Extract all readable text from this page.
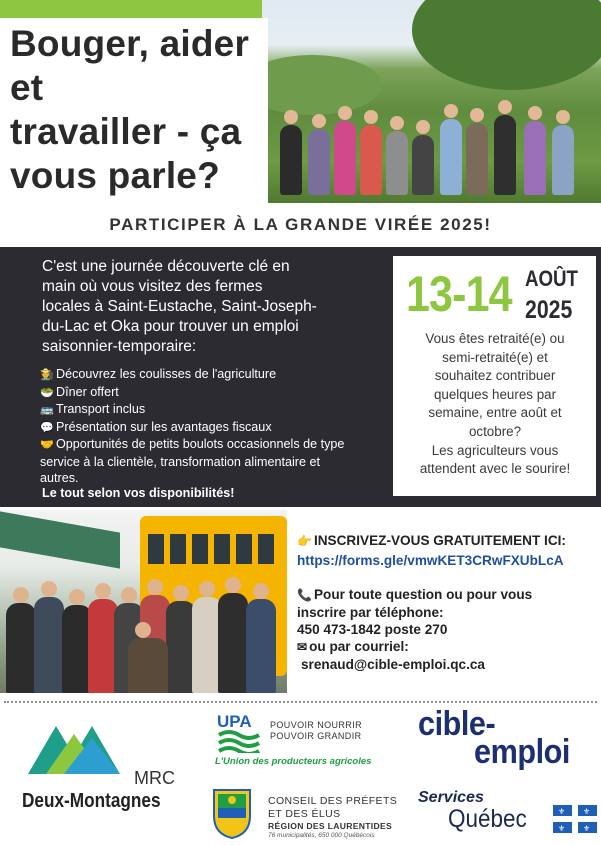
Bouger, aider et
travailler - ça
vous parle?
PARTICIPER À LA GRANDE VIRÉE 2025!
C'est une journée découverte clé en
main où vous visitez des fermes
locales à Saint-Eustache, Saint-Joseph-
du-Lac et Oka pour trouver un emploi
saisonnier-temporaire:
🧑‍🌾 Découvrez les coulisses de l'agriculture
🥗 Dîner offert
🚌 Transport inclus
💬 Présentation sur les avantages fiscaux
🤝 Opportunités de petits boulots occasionnels de type
service à la clientèle, transformation alimentaire et
autres.
Le tout selon vos disponibilités!
13-14 AOÛT
2025
Vous êtes retraité(e) ou
semi-retraité(e) et
souhaitez contribuer
quelques heures par
semaine, entre août et
octobre?
Les agriculteurs vous
attendent avec le sourire!
👉 INSCRIVEZ-VOUS GRATUITEMENT ICI:
https://forms.gle/vmwKET3CRwFXUbLcA
📞 Pour toute question ou pour vous
inscrire par téléphone:
450 473-1842 poste 270
✉ ou par courriel:
srenaud@cible-emploi.qc.ca
MRC
Deux-Montagnes
UPA POUVOIR NOURRIR
POUVOIR GRANDIR
L'Union des producteurs agricoles
cible-
emploi
CONSEIL DES PRÉFETS
ET DES ÉLUS
RÉGION DES LAURENTIDES
76 municipalités, 650 000 Québécois
Services
Québec	⚜ ⚜
⚜ ⚜
